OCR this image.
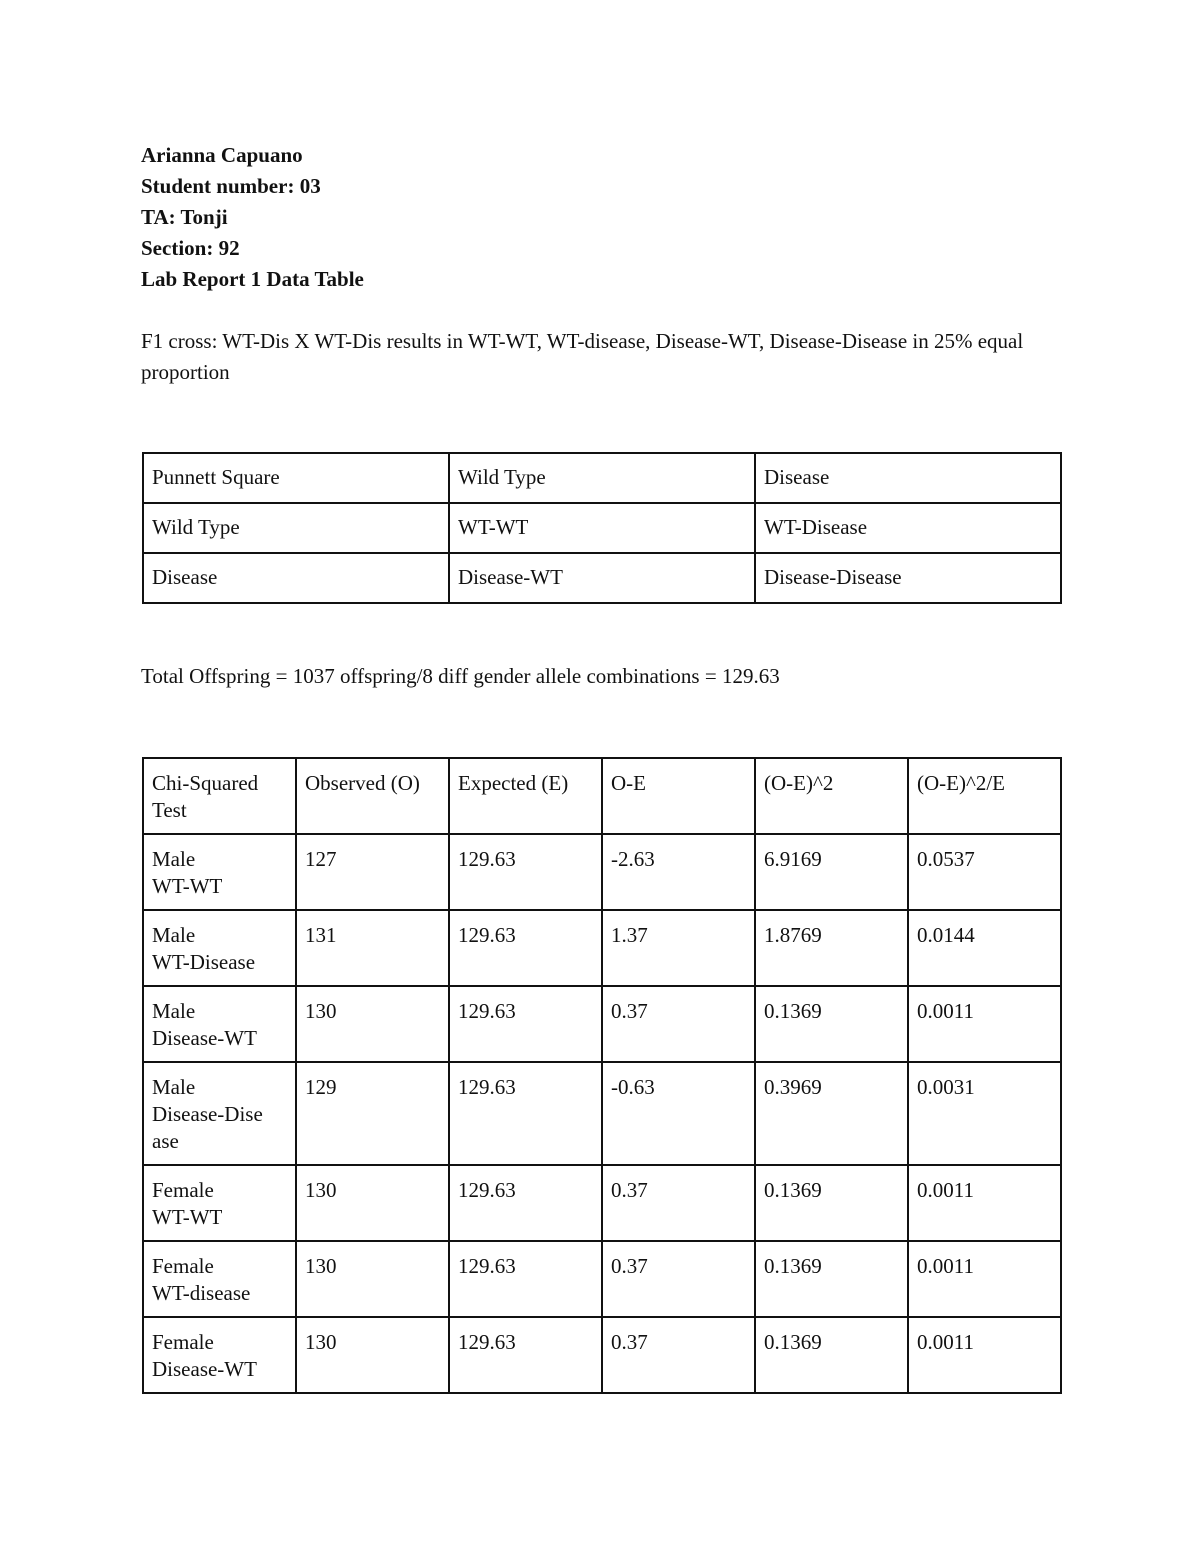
Arianna Capuano
Student number: 03
TA: Tonji
Section: 92
Lab Report 1 Data Table
F1 cross: WT-Dis X WT-Dis results in WT-WT, WT-disease, Disease-WT, Disease-Disease in 25% equal proportion
Punnett Square	Wild Type	Disease
Wild Type	WT-WT	WT-Disease
Disease	Disease-WT	Disease-Disease
Total Offspring = 1037 offspring/8 diff gender allele combinations = 129.63
Chi-Squared Test	Observed (O)	Expected (E)	O-E	(O-E)^2	(O-E)^2/E
Male
WT-WT	127	129.63	-2.63	6.9169	0.0537
Male
WT-Disease	131	129.63	1.37	1.8769	0.0144
Male
Disease-WT	130	129.63	0.37	0.1369	0.0011
Male
Disease-Dise
ase	129	129.63	-0.63	0.3969	0.0031
Female
WT-WT	130	129.63	0.37	0.1369	0.0011
Female
WT-disease	130	129.63	0.37	0.1369	0.0011
Female
Disease-WT	130	129.63	0.37	0.1369	0.0011
